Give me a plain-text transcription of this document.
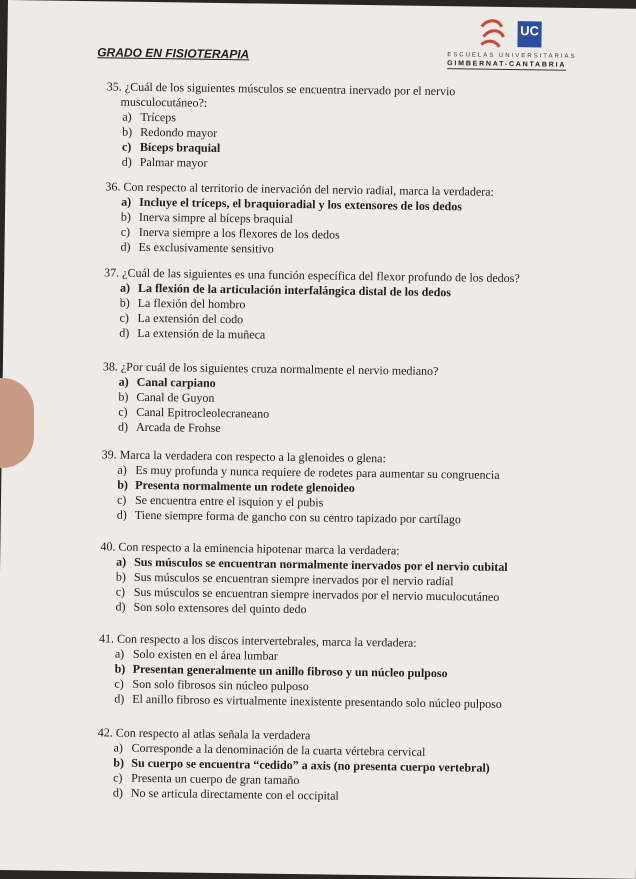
GRADO EN FISIOTERAPIA
UC
ESCUELAS UNIVERSITARIAS
GIMBERNAT-CANTABRIA

35. ¿Cuál de los siguientes músculos se encuentra inervado por el nervio

musculocutáneo?:

a) Tríceps

b) Redondo mayor

c) Bíceps braquial

d) Palmar mayor

36. Con respecto al territorio de inervación del nervio radial, marca la verdadera:

a) Incluye el tríceps, el braquioradial y los extensores de los dedos

b) Inerva simpre al bíceps braquial

c) Inerva siempre a los flexores de los dedos

d) Es exclusivamente sensitivo

37. ¿Cuál de las siguientes es una función específica del flexor profundo de los dedos?

a) La flexión de la articulación interfalángica distal de los dedos

b) La flexión del hombro

c) La extensión del codo

d) La extensión de la muñeca

38. ¿Por cuál de los siguientes cruza normalmente el nervio mediano?

a) Canal carpiano

b) Canal de Guyon

c) Canal Epitrocleolecraneano

d) Arcada de Frohse

39. Marca la verdadera con respecto a la glenoides o glena:

a) Es muy profunda y nunca requiere de rodetes para aumentar su congruencia

b) Presenta normalmente un rodete glenoideo

c) Se encuentra entre el isquion y el pubis

d) Tiene siempre forma de gancho con su centro tapizado por cartílago

40. Con respecto a la eminencia hipotenar marca la verdadera:

a) Sus músculos se encuentran normalmente inervados por el nervio cubital

b) Sus músculos se encuentran siempre inervados por el nervio radial

c) Sus músculos se encuentran siempre inervados por el nervio muculocutáneo

d) Son solo extensores del quinto dedo

41. Con respecto a los discos intervertebrales, marca la verdadera:

a) Solo existen en el área lumbar

b) Presentan generalmente un anillo fibroso y un núcleo pulposo

c) Son solo fibrosos sin núcleo pulposo

d) El anillo fibroso es virtualmente inexistente presentando solo núcleo pulposo

42. Con respecto al atlas señala la verdadera

a) Corresponde a la denominación de la cuarta vértebra cervical

b) Su cuerpo se encuentra “cedido” a axis (no presenta cuerpo vertebral)

c) Presenta un cuerpo de gran tamaño

d) No se articula directamente con el occipital
